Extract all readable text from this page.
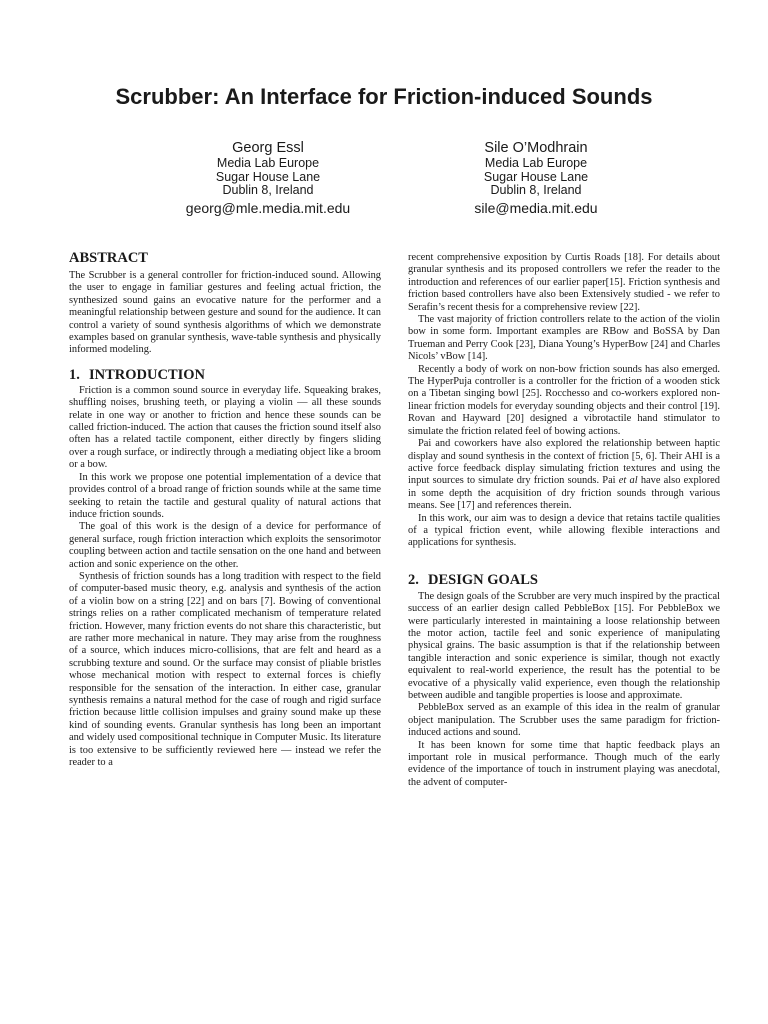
Scrubber: An Interface for Friction-induced Sounds
Georg Essl
Media Lab Europe
Sugar House Lane
Dublin 8, Ireland
georg@mle.media.mit.edu
Sile O’Modhrain
Media Lab Europe
Sugar House Lane
Dublin 8, Ireland
sile@media.mit.edu
ABSTRACT

The Scrubber is a general controller for friction-induced sound. Allowing the user to engage in familiar gestures and feeling actual friction, the synthesized sound gains an evocative nature for the performer and a meaningful relationship between gesture and sound for the audience. It can control a variety of sound synthesis algorithms of which we demonstrate examples based on granular synthesis, wave-table synthesis and physically informed modeling.

1. INTRODUCTION

Friction is a common sound source in everyday life. Squeaking brakes, shuffling noises, brushing teeth, or playing a violin — all these sounds relate in one way or another to friction and hence these sounds can be called friction-induced. The action that causes the friction sound itself also often has a related tactile component, either directly by fingers sliding over a rough surface, or indirectly through a mediating object like a broom or a bow.

In this work we propose one potential implementation of a device that provides control of a broad range of friction sounds while at the same time seeking to retain the tactile and gestural quality of natural actions that induce friction sounds.

The goal of this work is the design of a device for performance of general surface, rough friction interaction which exploits the sensorimotor coupling between action and tactile sensation on the one hand and between action and sonic experience on the other.

Synthesis of friction sounds has a long tradition with respect to the field of computer-based music theory, e.g. analysis and synthesis of the action of a violin bow on a string [22] and on bars [7]. Bowing of conventional strings relies on a rather complicated mechanism of temperature related friction. However, many friction events do not share this characteristic, but are rather more mechanical in nature. They may arise from the roughness of a source, which induces micro-collisions, that are felt and heard as a scrubbing texture and sound. Or the surface may consist of pliable bristles whose mechanical motion with respect to external forces is chiefly responsible for the sensation of the interaction. In either case, granular synthesis remains a natural method for the case of rough and rigid surface friction because little collision impulses and grainy sound make up these kind of sounding events. Granular synthesis has long been an important and widely used compositional technique in Computer Music. Its literature is too extensive to be sufficiently reviewed here — instead we refer the reader to a

recent comprehensive exposition by Curtis Roads [18]. For details about granular synthesis and its proposed controllers we refer the reader to the introduction and references of our earlier paper[15]. Friction synthesis and friction based controllers have also been Extensively studied - we refer to Serafin’s recent thesis for a comprehensive review [22].

The vast majority of friction controllers relate to the action of the violin bow in some form. Important examples are RBow and BoSSA by Dan Trueman and Perry Cook [23], Diana Young’s HyperBow [24] and Charles Nicols’ vBow [14].

Recently a body of work on non-bow friction sounds has also emerged. The HyperPuja controller is a controller for the friction of a wooden stick on a Tibetan singing bowl [25]. Rocchesso and co-workers explored non-linear friction models for everyday sounding objects and their control [19]. Rovan and Hayward [20] designed a vibrotactile hand stimulator to simulate the friction related feel of bowing actions.

Pai and coworkers have also explored the relationship between haptic display and sound synthesis in the context of friction [5, 6]. Their AHI is a active force feedback display simulating friction textures and using the input sources to simulate dry friction sounds. Pai et al have also explored in some depth the acquisition of dry friction sounds through various means. See [17] and references therein.

In this work, our aim was to design a device that retains tactile qualities of a typical friction event, while allowing flexible interactions and applications for synthesis.

2. DESIGN GOALS

The design goals of the Scrubber are very much inspired by the practical success of an earlier design called PebbleBox [15]. For PebbleBox we were particularly interested in maintaining a loose relationship between the motor action, tactile feel and sonic experience of manipulating physical grains. The basic assumption is that if the relationship between tangible interaction and sonic experience is similar, though not exactly equivalent to real-world experience, the result has the potential to be evocative of a physically valid experience, even though the relationship between audible and tangible properties is loose and approximate.

PebbleBox served as an example of this idea in the realm of granular object manipulation. The Scrubber uses the same paradigm for friction-induced actions and sound.

It has been known for some time that haptic feedback plays an important role in musical performance. Though much of the early evidence of the importance of touch in instrument playing was anecdotal, the advent of computer-
